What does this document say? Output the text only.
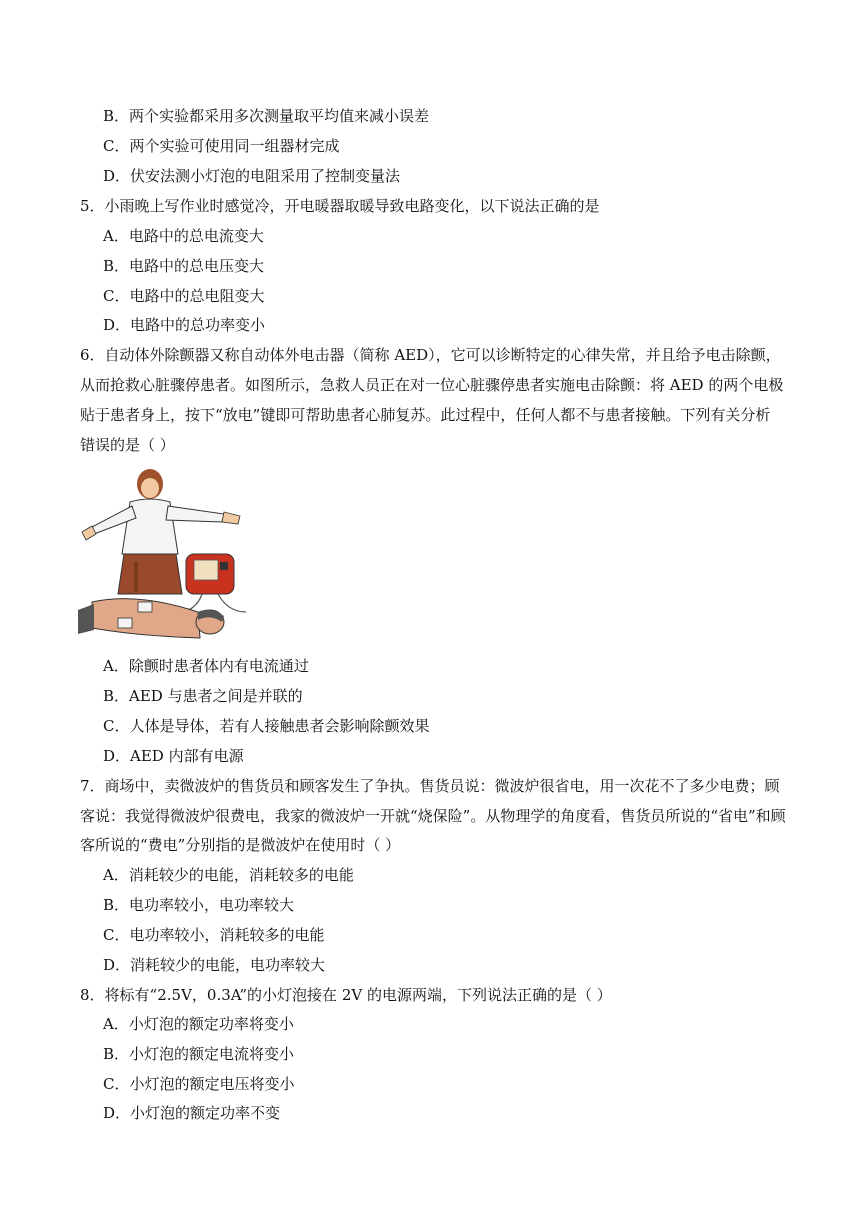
B．两个实验都采用多次测量取平均值来减小误差
C．两个实验可使用同一组器材完成
D．伏安法测小灯泡的电阻采用了控制变量法
5．小雨晚上写作业时感觉冷，开电暖器取暖导致电路变化，以下说法正确的是
A．电路中的总电流变大
B．电路中的总电压变大
C．电路中的总电阻变大
D．电路中的总功率变小
6．自动体外除颤器又称自动体外电击器（简称 AED），它可以诊断特定的心律失常，并且给予电击除颤，
从而抢救心脏骤停患者。如图所示，急救人员正在对一位心脏骤停患者实施电击除颤：将 AED 的两个电极
贴于患者身上，按下“放电”键即可帮助患者心肺复苏。此过程中，任何人都不与患者接触。下列有关分析
错误的是（ ）
A．除颤时患者体内有电流通过
B．AED 与患者之间是并联的
C．人体是导体，若有人接触患者会影响除颤效果
D．AED 内部有电源
7．商场中，卖微波炉的售货员和顾客发生了争执。售货员说：微波炉很省电，用一次花不了多少电费；顾
客说：我觉得微波炉很费电，我家的微波炉一开就“烧保险”。从物理学的角度看，售货员所说的“省电”和顾
客所说的“费电”分别指的是微波炉在使用时（ ）
A．消耗较少的电能，消耗较多的电能
B．电功率较小，电功率较大
C．电功率较小，消耗较多的电能
D．消耗较少的电能，电功率较大
8．将标有“2.5V，0.3A”的小灯泡接在 2V 的电源两端，下列说法正确的是（ ）
A．小灯泡的额定功率将变小
B．小灯泡的额定电流将变小
C．小灯泡的额定电压将变小
D．小灯泡的额定功率不变
